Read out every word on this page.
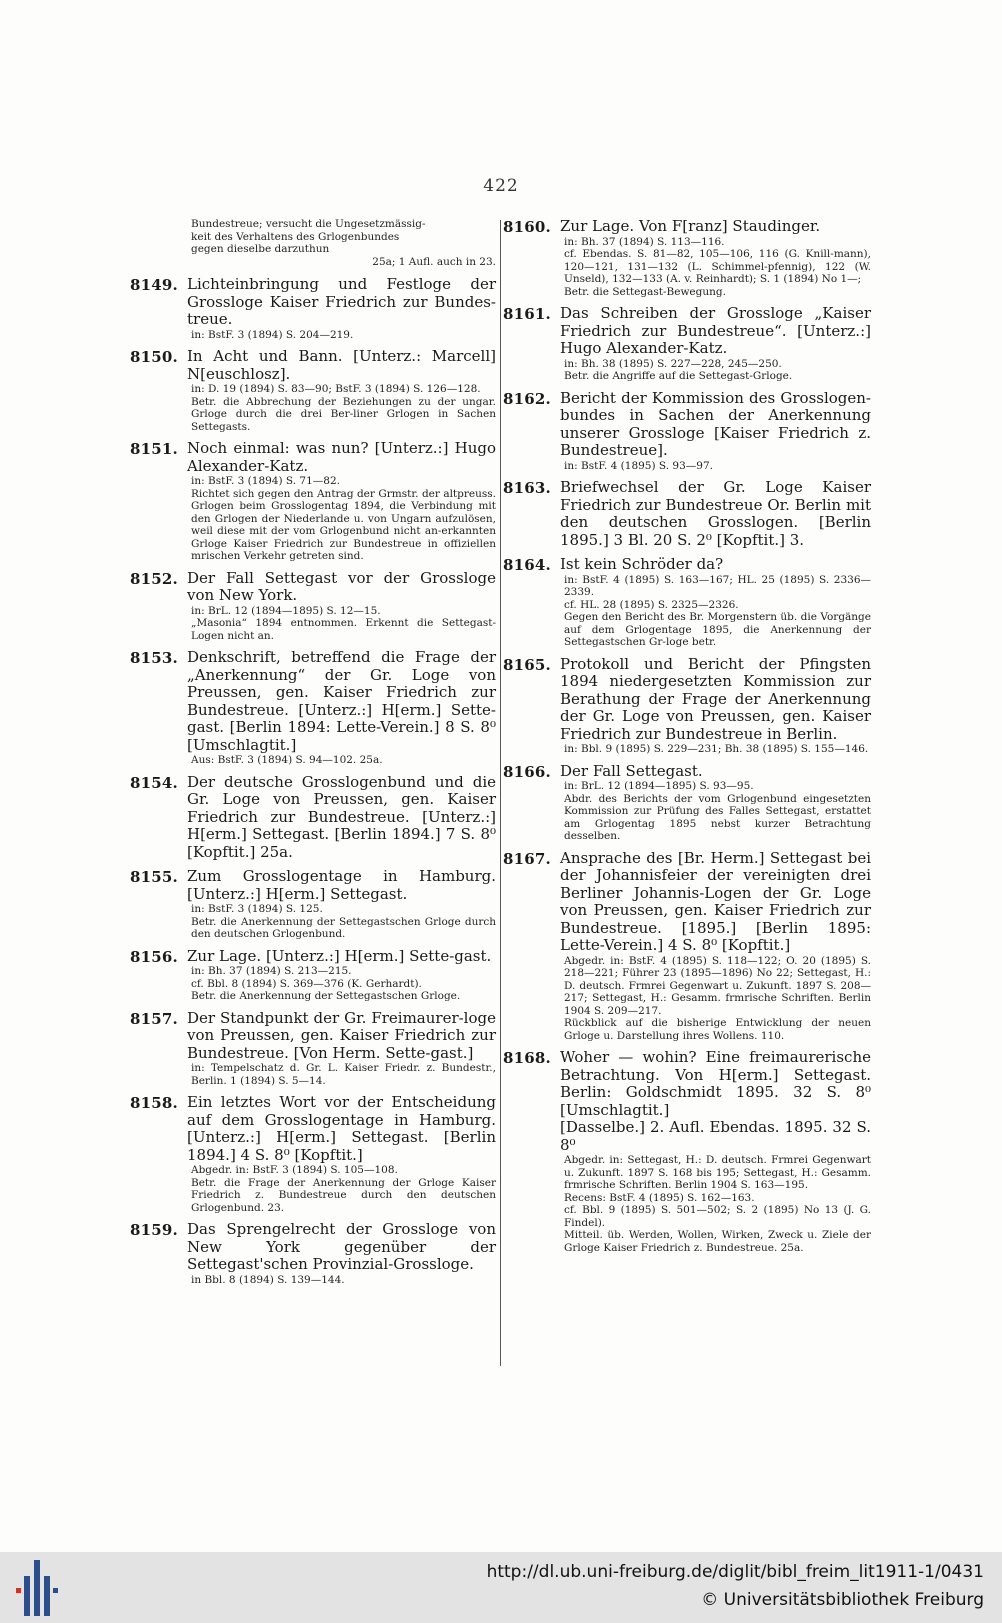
422
Bundestreue; versucht die Ungesetzmässig-
keit des Verhaltens des Grlogenbundes
gegen dieselbe darzuthun
25a; 1 Aufl. auch in 23.
8149. Lichteinbringung und Festloge der Grossloge Kaiser Friedrich zur Bundes-treue.
in: BstF. 3 (1894) S. 204—219.
8150. In Acht und Bann. [Unterz.: Marcell] N[euschlosz].
in: D. 19 (1894) S. 83—90; BstF. 3 (1894) S. 126—128.
Betr. die Abbrechung der Beziehungen zu der ungar. Grloge durch die drei Ber-liner Grlogen in Sachen Settegasts.
8151. Noch einmal: was nun? [Unterz.:] Hugo Alexander-Katz.
in: BstF. 3 (1894) S. 71—82.
Richtet sich gegen den Antrag der Grmstr. der altpreuss. Grlogen beim Grosslogentag 1894, die Verbindung mit den Grlogen der Niederlande u. von Ungarn aufzulösen, weil diese mit der vom Grlogenbund nicht an-erkannten Grloge Kaiser Friedrich zur Bundestreue in offiziellen mrischen Verkehr getreten sind.
8152. Der Fall Settegast vor der Grossloge von New York.
in: BrL. 12 (1894—1895) S. 12—15.
„Masonia“ 1894 entnommen. Erkennt die Settegast-Logen nicht an.
8153. Denkschrift, betreffend die Frage der „Anerkennung“ der Gr. Loge von Preussen, gen. Kaiser Friedrich zur Bundestreue. [Unterz.:] H[erm.] Sette-gast. [Berlin 1894: Lette-Verein.] 8 S. 8⁰ [Umschlagtit.]
Aus: BstF. 3 (1894) S. 94—102. 25a.
8154. Der deutsche Grosslogenbund und die Gr. Loge von Preussen, gen. Kaiser Friedrich zur Bundestreue. [Unterz.:] H[erm.] Settegast. [Berlin 1894.] 7 S. 8⁰ [Kopftit.] 25a.
8155. Zum Grosslogentage in Hamburg. [Unterz.:] H[erm.] Settegast.
in: BstF. 3 (1894) S. 125.
Betr. die Anerkennung der Settegastschen Grloge durch den deutschen Grlogenbund.
8156. Zur Lage. [Unterz.:] H[erm.] Sette-gast.
in: Bh. 37 (1894) S. 213—215.
cf. Bbl. 8 (1894) S. 369—376 (K. Gerhardt).
Betr. die Anerkennung der Settegastschen Grloge.
8157. Der Standpunkt der Gr. Freimaurer-loge von Preussen, gen. Kaiser Friedrich zur Bundestreue. [Von Herm. Sette-gast.]
in: Tempelschatz d. Gr. L. Kaiser Friedr. z. Bundestr., Berlin. 1 (1894) S. 5—14.
8158. Ein letztes Wort vor der Entscheidung auf dem Grosslogentage in Hamburg. [Unterz.:] H[erm.] Settegast. [Berlin 1894.] 4 S. 8⁰ [Kopftit.]
Abgedr. in: BstF. 3 (1894) S. 105—108.
Betr. die Frage der Anerkennung der Grloge Kaiser Friedrich z. Bundestreue durch den deutschen Grlogenbund. 23.
8159. Das Sprengelrecht der Grossloge von New York gegenüber der Settegast'schen Provinzial-Grossloge.
in Bbl. 8 (1894) S. 139—144.
8160. Zur Lage. Von F[ranz] Staudinger.
in: Bh. 37 (1894) S. 113—116.
cf. Ebendas. S. 81—82, 105—106, 116 (G. Knill-mann), 120—121, 131—132 (L. Schimmel-pfennig), 122 (W. Unseld), 132—133 (A. v. Reinhardt); S. 1 (1894) No 1—;
Betr. die Settegast-Bewegung.
8161. Das Schreiben der Grossloge „Kaiser Friedrich zur Bundestreue“. [Unterz.:] Hugo Alexander-Katz.
in: Bh. 38 (1895) S. 227—228, 245—250.
Betr. die Angriffe auf die Settegast-Grloge.
8162. Bericht der Kommission des Grosslogen-bundes in Sachen der Anerkennung unserer Grossloge [Kaiser Friedrich z. Bundestreue].
in: BstF. 4 (1895) S. 93—97.
8163. Briefwechsel der Gr. Loge Kaiser Friedrich zur Bundestreue Or. Berlin mit den deutschen Grosslogen. [Berlin 1895.] 3 Bl. 20 S. 2⁰ [Kopftit.] 3.
8164. Ist kein Schröder da?
in: BstF. 4 (1895) S. 163—167; HL. 25 (1895) S. 2336—2339.
cf. HL. 28 (1895) S. 2325—2326.
Gegen den Bericht des Br. Morgenstern üb. die Vorgänge auf dem Grlogentage 1895, die Anerkennung der Settegastschen Gr-loge betr.
8165. Protokoll und Bericht der Pfingsten 1894 niedergesetzten Kommission zur Berathung der Frage der Anerkennung der Gr. Loge von Preussen, gen. Kaiser Friedrich zur Bundestreue in Berlin.
in: Bbl. 9 (1895) S. 229—231; Bh. 38 (1895) S. 155—146.
8166. Der Fall Settegast.
in: BrL. 12 (1894—1895) S. 93—95.
Abdr. des Berichts der vom Grlogenbund eingesetzten Kommission zur Prüfung des Falles Settegast, erstattet am Grlogentag 1895 nebst kurzer Betrachtung desselben.
8167. Ansprache des [Br. Herm.] Settegast bei der Johannisfeier der vereinigten drei Berliner Johannis-Logen der Gr. Loge von Preussen, gen. Kaiser Friedrich zur Bundestreue. [1895.] [Berlin 1895: Lette-Verein.] 4 S. 8⁰ [Kopftit.]
Abgedr. in: BstF. 4 (1895) S. 118—122; O. 20 (1895) S. 218—221; Führer 23 (1895—1896) No 22; Settegast, H.: D. deutsch. Frmrei Gegenwart u. Zukunft. 1897 S. 208—217; Settegast, H.: Gesamm. frmrische Schriften. Berlin 1904 S. 209—217.
Rückblick auf die bisherige Entwicklung der neuen Grloge u. Darstellung ihres Wollens. 110.
8168. Woher — wohin? Eine freimaurerische Betrachtung. Von H[erm.] Settegast. Berlin: Goldschmidt 1895. 32 S. 8⁰ [Umschlagtit.]
[Dasselbe.] 2. Aufl. Ebendas. 1895. 32 S. 8⁰
Abgedr. in: Settegast, H.: D. deutsch. Frmrei Gegenwart u. Zukunft. 1897 S. 168 bis 195; Settegast, H.: Gesamm. frmrische Schriften. Berlin 1904 S. 163—195.
Recens: BstF. 4 (1895) S. 162—163.
cf. Bbl. 9 (1895) S. 501—502; S. 2 (1895) No 13 (J. G. Findel).
Mitteil. üb. Werden, Wollen, Wirken, Zweck u. Ziele der Grloge Kaiser Friedrich z. Bundestreue. 25a.
http://dl.ub.uni-freiburg.de/diglit/bibl_freim_lit1911-1/0431
© Universitätsbibliothek Freiburg
